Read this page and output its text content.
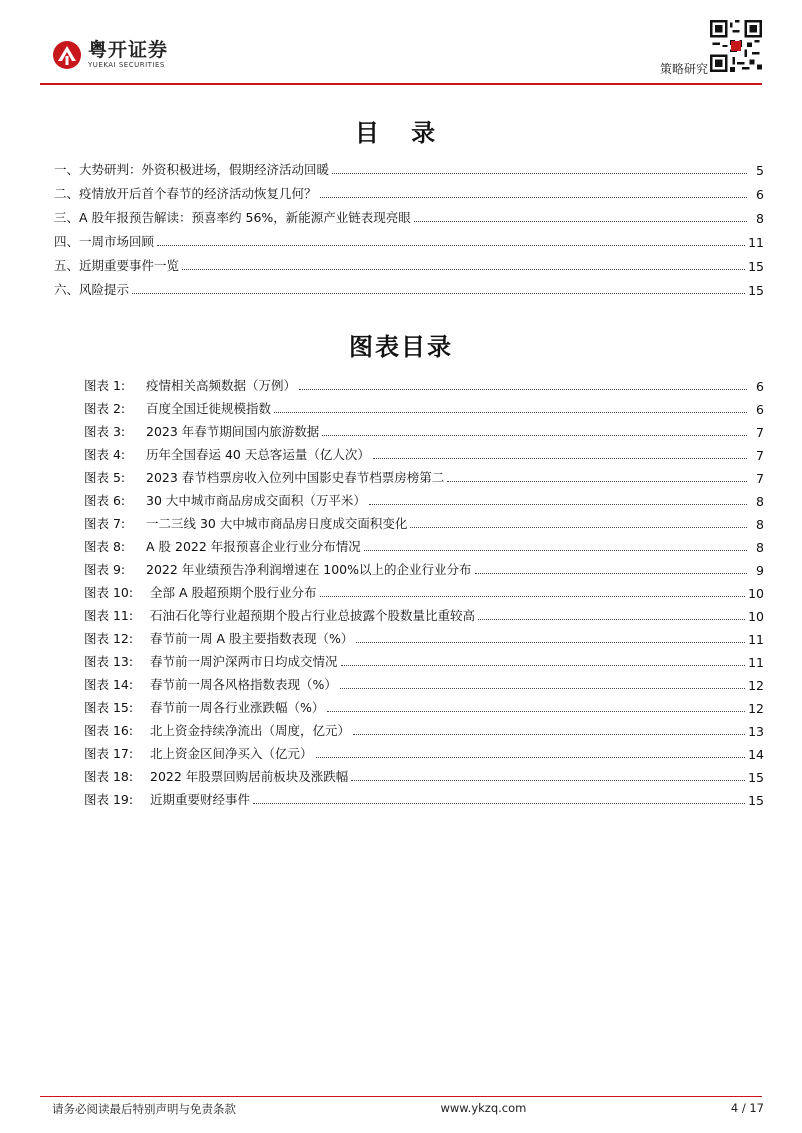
粤开证券
YUEKAI SECURITIES	策略研究
目 录
一、大势研判：外资积极进场，假期经济活动回暖	5
二、疫情放开后首个春节的经济活动恢复几何？	6
三、A 股年报预告解读：预喜率约 56%，新能源产业链表现亮眼	8
四、一周市场回顾	11
五、近期重要事件一览	15
六、风险提示	15
图表目录
图表 1:	疫情相关高频数据（万例）	6
图表 2:	百度全国迁徙规模指数	6
图表 3:	2023 年春节期间国内旅游数据	7
图表 4:	历年全国春运 40 天总客运量（亿人次）	7
图表 5:	2023 春节档票房收入位列中国影史春节档票房榜第二	7
图表 6:	30 大中城市商品房成交面积（万平米）	8
图表 7:	一二三线 30 大中城市商品房日度成交面积变化	8
图表 8:	A 股 2022 年报预喜企业行业分布情况	8
图表 9:	2022 年业绩预告净利润增速在 100%以上的企业行业分布	9
图表 10:	全部 A 股超预期个股行业分布	10
图表 11:	石油石化等行业超预期个股占行业总披露个股数量比重较高	10
图表 12:	春节前一周 A 股主要指数表现（%）	11
图表 13:	春节前一周沪深两市日均成交情况	11
图表 14:	春节前一周各风格指数表现（%）	12
图表 15:	春节前一周各行业涨跌幅（%）	12
图表 16:	北上资金持续净流出（周度，亿元）	13
图表 17:	北上资金区间净买入（亿元）	14
图表 18:	2022 年股票回购居前板块及涨跌幅	15
图表 19:	近期重要财经事件	15
请务必阅读最后特别声明与免责条款	www.ykzq.com	4 / 17
